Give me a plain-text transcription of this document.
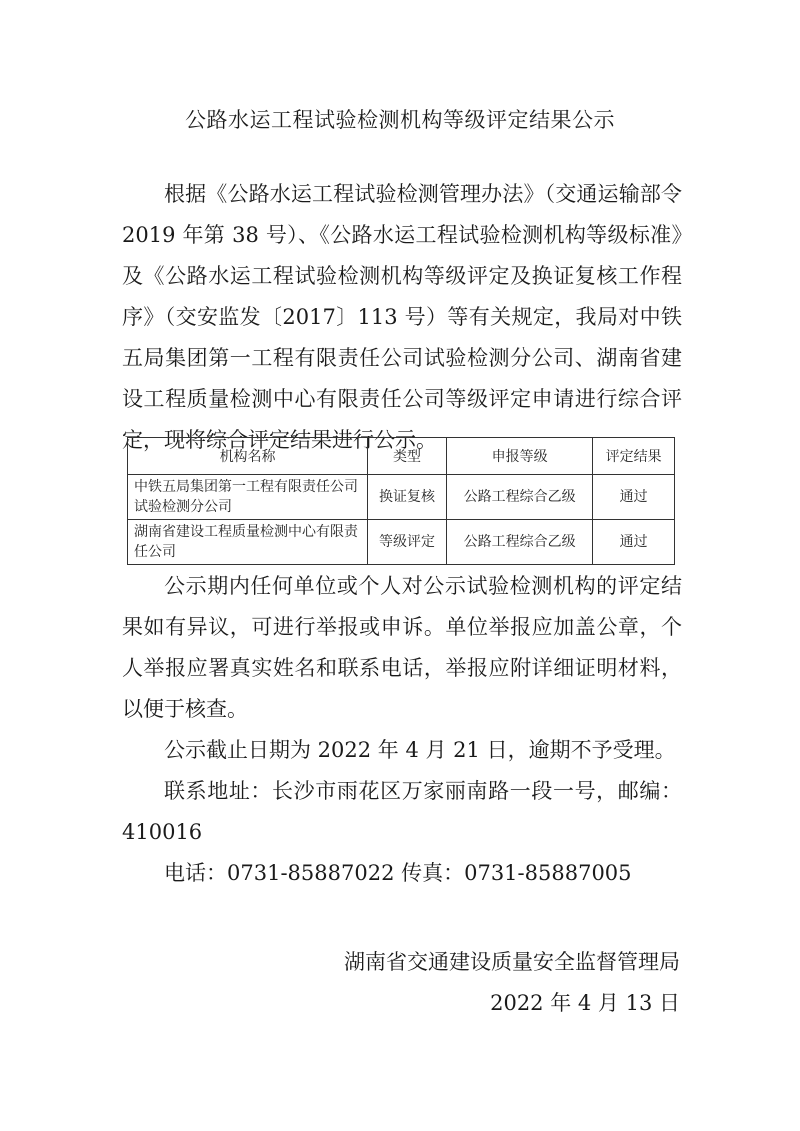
公路水运工程试验检测机构等级评定结果公示

根据《公路水运工程试验检测管理办法》（交通运输部令 2019 年第 38 号）、《公路水运工程试验检测机构等级标准》及《公路水运工程试验检测机构等级评定及换证复核工作程序》（交安监发〔2017〕113 号）等有关规定，我局对中铁五局集团第一工程有限责任公司试验检测分公司、湖南省建设工程质量检测中心有限责任公司等级评定申请进行综合评定，现将综合评定结果进行公示。

机构名称	类型	申报等级	评定结果
中铁五局集团第一工程有限责任公司试验检测分公司	换证复核	公路工程综合乙级	通过
湖南省建设工程质量检测中心有限责任公司	等级评定	公路工程综合乙级	通过

公示期内任何单位或个人对公示试验检测机构的评定结果如有异议，可进行举报或申诉。单位举报应加盖公章，个人举报应署真实姓名和联系电话，举报应附详细证明材料，以便于核查。

公示截止日期为 2022 年 4 月 21 日，逾期不予受理。

联系地址：长沙市雨花区万家丽南路一段一号，邮编：410016

电话：0731-85887022 传真：0731-85887005

湖南省交通建设质量安全监督管理局

2022 年 4 月 13 日
